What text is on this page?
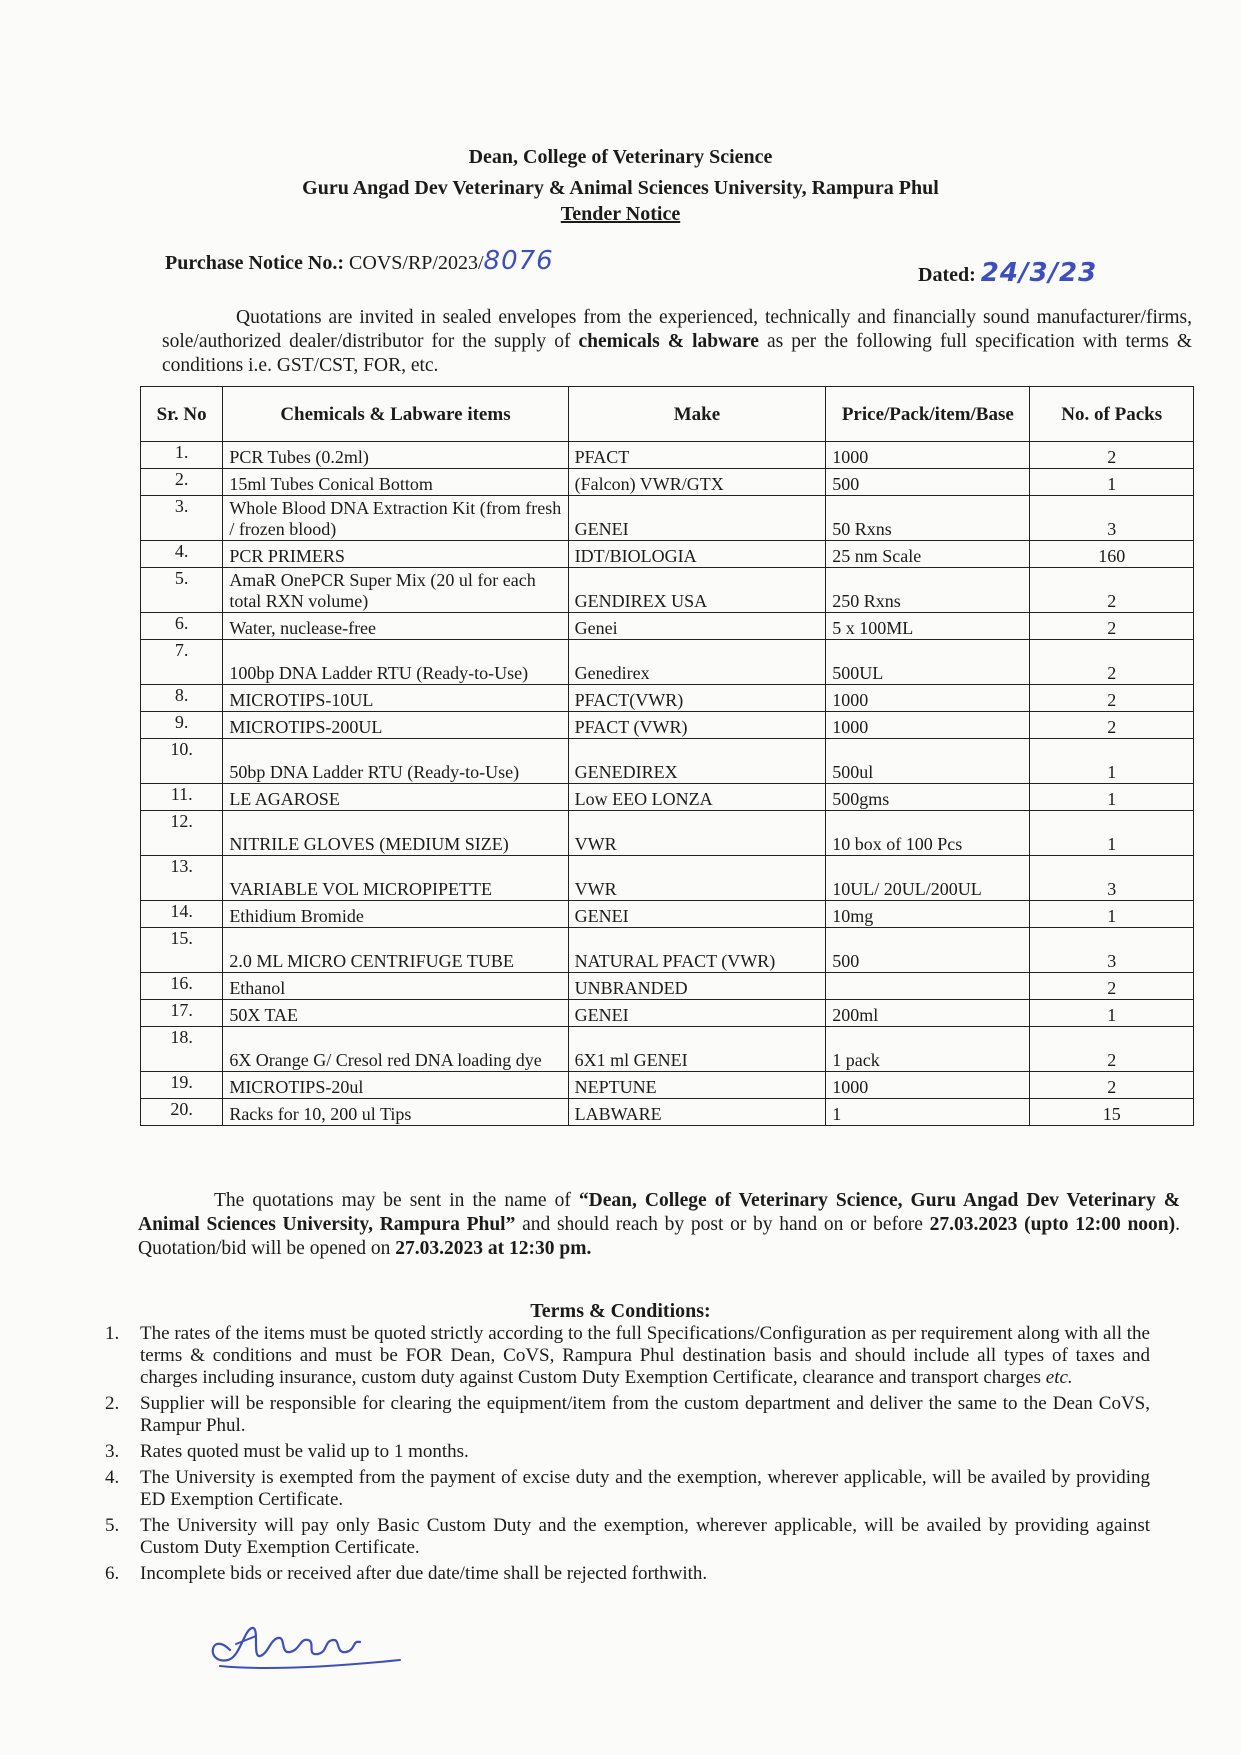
Dean, College of Veterinary Science
Guru Angad Dev Veterinary & Animal Sciences University, Rampura Phul
Tender Notice
Purchase Notice No.: COVS/RP/2023/8076	Dated: 24/3/23
Quotations are invited in sealed envelopes from the experienced, technically and financially sound manufacturer/firms, sole/authorized dealer/distributor for the supply of chemicals & labware as per the following full specification with terms & conditions i.e. GST/CST, FOR, etc.
Sr. No	Chemicals & Labware items	Make	Price/Pack/item/Base	No. of Packs
1.	PCR Tubes (0.2ml)	PFACT	1000	2
2.	15ml Tubes Conical Bottom	(Falcon) VWR/GTX	500	1
3.	Whole Blood DNA Extraction Kit (from fresh / frozen blood)	GENEI	50 Rxns	3
4.	PCR PRIMERS	IDT/BIOLOGIA	25 nm Scale	160
5.	AmaR OnePCR Super Mix (20 ul for each total RXN volume)	GENDIREX USA	250 Rxns	2
6.	Water, nuclease-free	Genei	5 x 100ML	2
7.	100bp DNA Ladder RTU (Ready-to-Use)	Genedirex	500UL	2
8.	MICROTIPS-10UL	PFACT(VWR)	1000	2
9.	MICROTIPS-200UL	PFACT (VWR)	1000	2
10.	50bp DNA Ladder RTU (Ready-to-Use)	GENEDIREX	500ul	1
11.	LE AGAROSE	Low EEO LONZA	500gms	1
12.	NITRILE GLOVES (MEDIUM SIZE)	VWR	10 box of 100 Pcs	1
13.	VARIABLE VOL MICROPIPETTE	VWR	10UL/ 20UL/200UL	3
14.	Ethidium Bromide	GENEI	10mg	1
15.	2.0 ML MICRO CENTRIFUGE TUBE	NATURAL PFACT (VWR)	500	3
16.	Ethanol	UNBRANDED		2
17.	50X TAE	GENEI	200ml	1
18.	6X Orange G/ Cresol red DNA loading dye	6X1 ml GENEI	1 pack	2
19.	MICROTIPS-20ul	NEPTUNE	1000	2
20.	Racks for 10, 200 ul Tips	LABWARE	1	15
The quotations may be sent in the name of “Dean, College of Veterinary Science, Guru Angad Dev Veterinary & Animal Sciences University, Rampura Phul” and should reach by post or by hand on or before 27.03.2023 (upto 12:00 noon). Quotation/bid will be opened on 27.03.2023 at 12:30 pm.
Terms & Conditions:
1. The rates of the items must be quoted strictly according to the full Specifications/Configuration as per requirement along with all the terms & conditions and must be FOR Dean, CoVS, Rampura Phul destination basis and should include all types of taxes and charges including insurance, custom duty against Custom Duty Exemption Certificate, clearance and transport charges etc.
2. Supplier will be responsible for clearing the equipment/item from the custom department and deliver the same to the Dean CoVS, Rampur Phul.
3. Rates quoted must be valid up to 1 months.
4. The University is exempted from the payment of excise duty and the exemption, wherever applicable, will be availed by providing ED Exemption Certificate.
5. The University will pay only Basic Custom Duty and the exemption, wherever applicable, will be availed by providing against Custom Duty Exemption Certificate.
6. Incomplete bids or received after due date/time shall be rejected forthwith.
